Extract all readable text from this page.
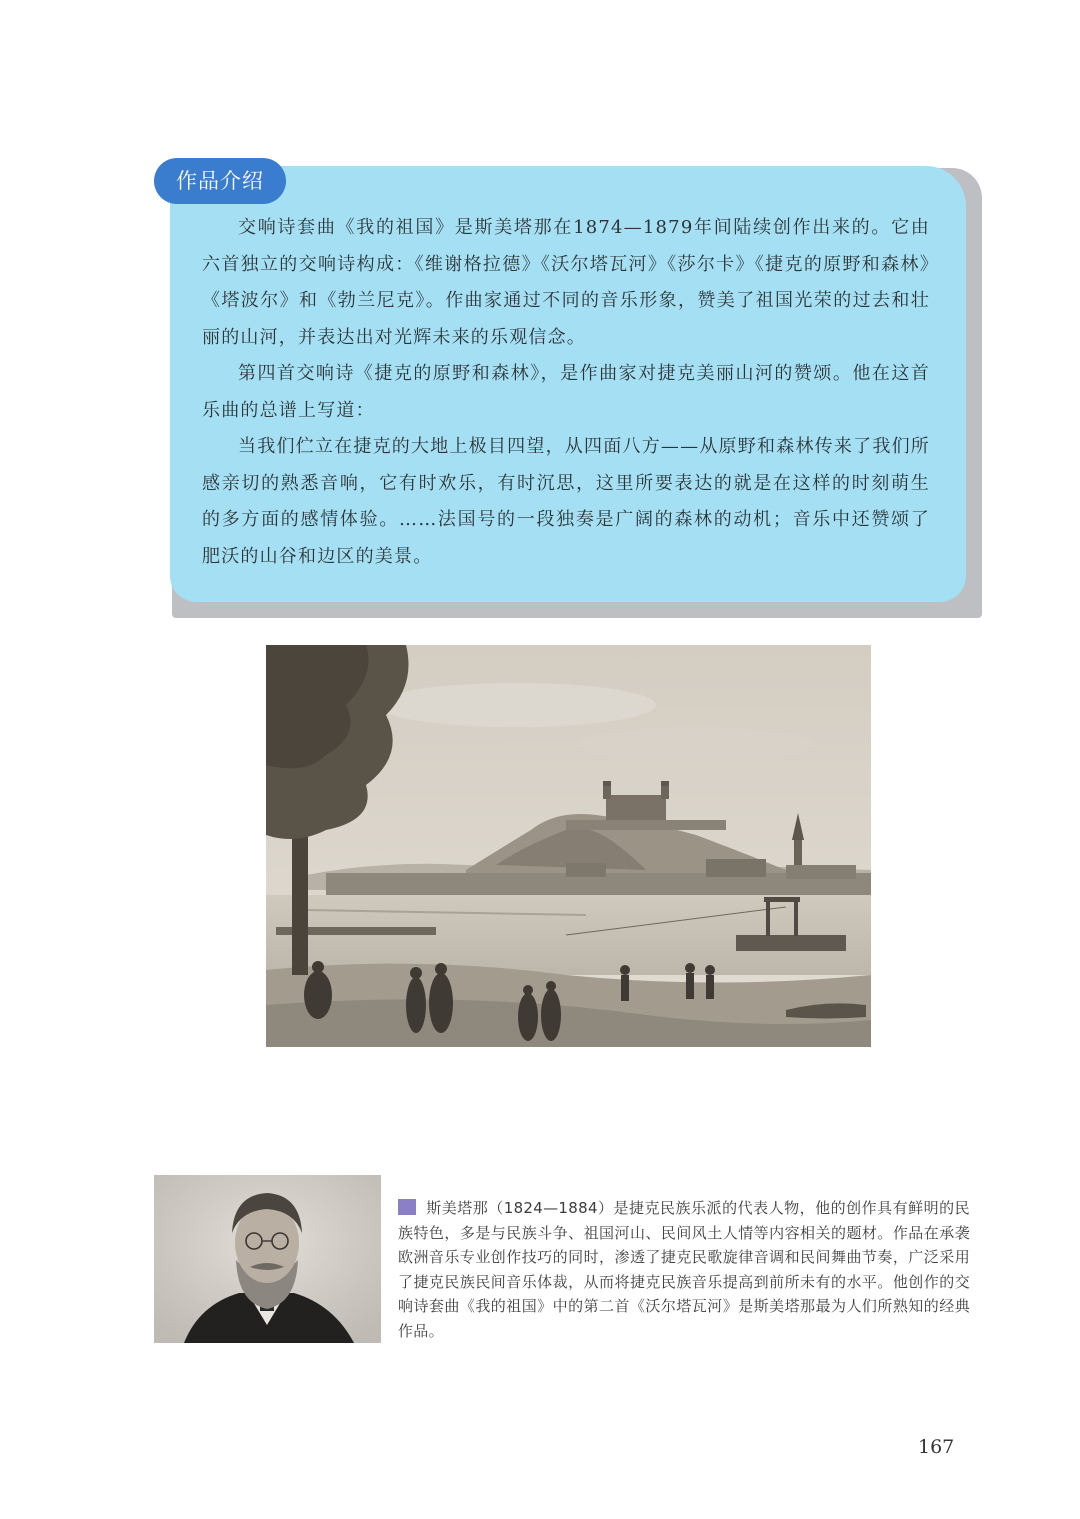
作品介绍

交响诗套曲《我的祖国》是斯美塔那在1874—1879年间陆续创作出来的。它由六首独立的交响诗构成：《维谢格拉德》《沃尔塔瓦河》《莎尔卡》《捷克的原野和森林》《塔波尔》和《勃兰尼克》。作曲家通过不同的音乐形象，赞美了祖国光荣的过去和壮丽的山河，并表达出对光辉未来的乐观信念。

第四首交响诗《捷克的原野和森林》，是作曲家对捷克美丽山河的赞颂。他在这首乐曲的总谱上写道：

当我们伫立在捷克的大地上极目四望，从四面八方——从原野和森林传来了我们所感亲切的熟悉音响，它有时欢乐，有时沉思，这里所要表达的就是在这样的时刻萌生的多方面的感情体验。……法国号的一段独奏是广阔的森林的动机；音乐中还赞颂了肥沃的山谷和边区的美景。

斯美塔那（1824—1884）是捷克民族乐派的代表人物，他的创作具有鲜明的民族特色，多是与民族斗争、祖国河山、民间风土人情等内容相关的题材。作品在承袭欧洲音乐专业创作技巧的同时，渗透了捷克民歌旋律音调和民间舞曲节奏，广泛采用了捷克民族民间音乐体裁，从而将捷克民族音乐提高到前所未有的水平。他创作的交响诗套曲《我的祖国》中的第二首《沃尔塔瓦河》是斯美塔那最为人们所熟知的经典作品。
167
